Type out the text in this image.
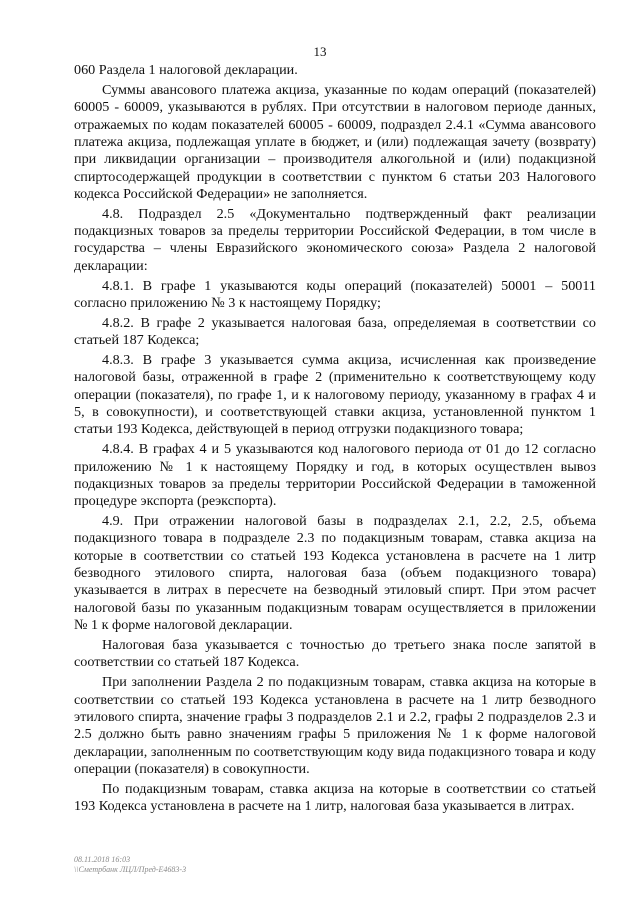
13

060 Раздела 1 налоговой декларации.

Суммы авансового платежа акциза, указанные по кодам операций (показателей) 60005 - 60009, указываются в рублях. При отсутствии в налоговом периоде данных, отражаемых по кодам показателей 60005 - 60009, подраздел 2.4.1 «Сумма авансового платежа акциза, подлежащая уплате в бюджет, и (или) подлежащая зачету (возврату) при ликвидации организации – производителя алкогольной и (или) подакцизной спиртосодержащей продукции в соответствии с пунктом 6 статьи 203 Налогового кодекса Российской Федерации» не заполняется.

4.8. Подраздел 2.5 «Документально подтвержденный факт реализации подакцизных товаров за пределы территории Российской Федерации, в том числе в государства – члены Евразийского экономического союза» Раздела 2 налоговой декларации:

4.8.1. В графе 1 указываются коды операций (показателей) 50001 – 50011 согласно приложению № 3 к настоящему Порядку;

4.8.2. В графе 2 указывается налоговая база, определяемая в соответствии со статьей 187 Кодекса;

4.8.3. В графе 3 указывается сумма акциза, исчисленная как произведение налоговой базы, отраженной в графе 2 (применительно к соответствующему коду операции (показателя), по графе 1, и к налоговому периоду, указанному в графах 4 и 5, в совокупности), и соответствующей ставки акциза, установленной пунктом 1 статьи 193 Кодекса, действующей в период отгрузки подакцизного товара;

4.8.4. В графах 4 и 5 указываются код налогового периода от 01 до 12 согласно приложению № 1 к настоящему Порядку и год, в которых осуществлен вывоз подакцизных товаров за пределы территории Российской Федерации в таможенной процедуре экспорта (реэкспорта).

4.9. При отражении налоговой базы в подразделах 2.1, 2.2, 2.5, объема подакцизного товара в подразделе 2.3 по подакцизным товарам, ставка акциза на которые в соответствии со статьей 193 Кодекса установлена в расчете на 1 литр безводного этилового спирта, налоговая база (объем подакцизного товара) указывается в литрах в пересчете на безводный этиловый спирт. При этом расчет налоговой базы по указанным подакцизным товарам осуществляется в приложении № 1 к форме налоговой декларации.

Налоговая база указывается с точностью до третьего знака после запятой в соответствии со статьей 187 Кодекса.

При заполнении Раздела 2 по подакцизным товарам, ставка акциза на которые в соответствии со статьей 193 Кодекса установлена в расчете на 1 литр безводного этилового спирта, значение графы 3 подразделов 2.1 и 2.2, графы 2 подразделов 2.3 и 2.5 должно быть равно значениям графы 5 приложения № 1 к форме налоговой декларации, заполненным по соответствующим коду вида подакцизного товара и коду операции (показателя) в совокупности.

По подакцизным товарам, ставка акциза на которые в соответствии со статьей 193 Кодекса установлена в расчете на 1 литр, налоговая база указывается в литрах.

08.11.2018 16:03
\\Сметрбанк ЛЦЛ/Пред-Е4683-3
